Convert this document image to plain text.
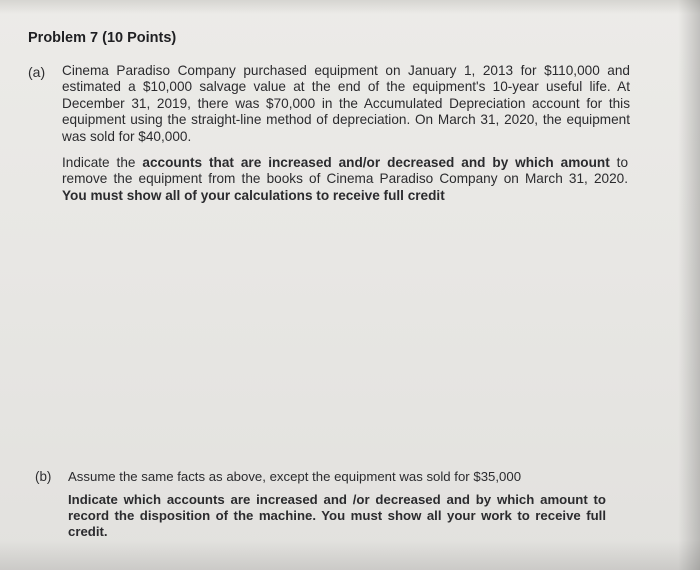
Problem 7 (10 Points)
(a) Cinema Paradiso Company purchased equipment on January 1, 2013 for $110,000 and
estimated a $10,000 salvage value at the end of the equipment's 10-year useful life. At
December 31, 2019, there was $70,000 in the Accumulated Depreciation account for this
equipment using the straight-line method of depreciation. On March 31, 2020, the equipment
was sold for $40,000.
Indicate the accounts that are increased and/or decreased and by which amount to
remove the equipment from the books of Cinema Paradiso Company on March 31, 2020.
You must show all of your calculations to receive full credit
(b) Assume the same facts as above, except the equipment was sold for $35,000
Indicate which accounts are increased and /or decreased and by which amount to
record the disposition of the machine. You must show all your work to receive full
credit.
